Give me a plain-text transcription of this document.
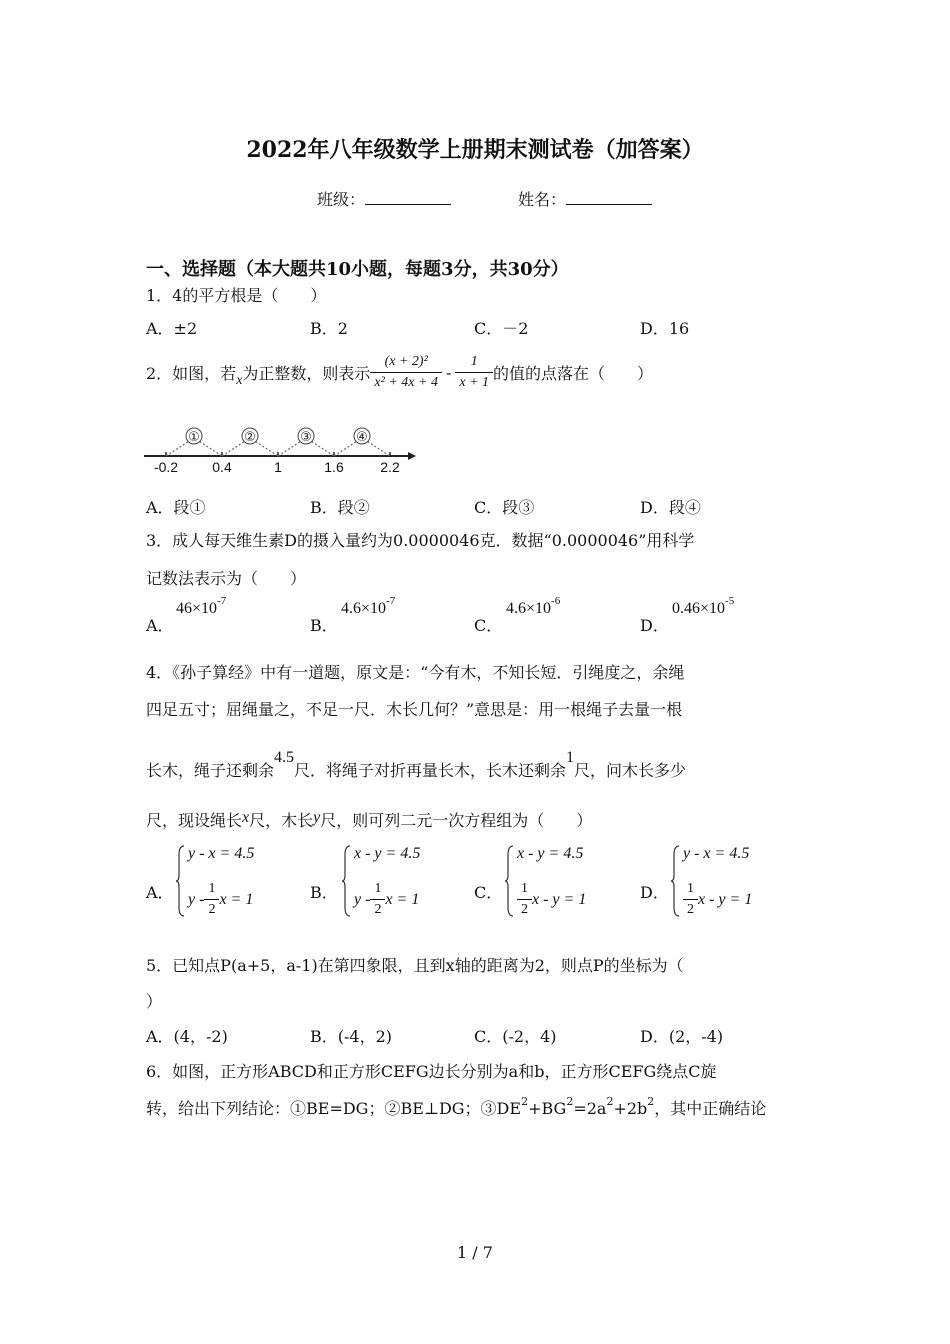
2022年八年级数学上册期末测试卷（加答案）
班级：	姓名：
一、选择题（本大题共10小题，每题3分，共30分）
1．4的平方根是（　　）
A．±2	B．2	C．－2	D．16
2．如图，若 x 为正整数，则表示 $\frac{\text{(x + 2)²}}{\text{x² + 4x + 4}} - \frac{1}{x + 1}$ 的值的点落在（　　）
-0.2 0.4	1	1.6	2.2
①	②	③	④
A．段①	B．段②	C．段③	D．段④
3．成人每天维生素D的摄入量约为0.0000046克．数据“0.0000046”用科学
记数法表示为（　　）
A．
$46\times 10^{-7}$
B．
$4.6\times 10^{-7}$
C．
$4.6\times 10^{-6}$
D．
$0.46\times 10^{-5}$
4．《孙子算经》中有一道题，原文是：“今有木，不知长短．引绳度之，余绳
四足五寸；屈绳量之，不足一尺．木长几何？”意思是：用一根绳子去量一根
长木，绳子还剩余4.5尺．将绳子对折再量长木，长木还剩余1尺，问木长多少
尺，现设绳长x尺，木长y尺，则可列二元一次方程组为（　　）
A．
y - x = 4.5
y - $\frac{1}{2}$ x = 1	B．
x - y = 4.5
y - $\frac{1}{2}$ x = 1	C．
x - y = 4.5
$\frac{1}{2}$ x - y = 1	D．
y - x = 4.5
$\frac{1}{2}$ x - y = 1
5．已知点P(a+5，a-1)在第四象限，且到x轴的距离为2，则点P的坐标为（
）
A．(4，-2)	B．(-4，2)	C．(-2，4)	D．(2，-4)
6．如图，正方形ABCD和正方形CEFG边长分别为a和b，正方形CEFG绕点C旋
转，给出下列结论：①BE=DG；②BE⊥DG；$③DE^2+BG^2=2a^2+2b^2$，其中正确结论
1 / 7
